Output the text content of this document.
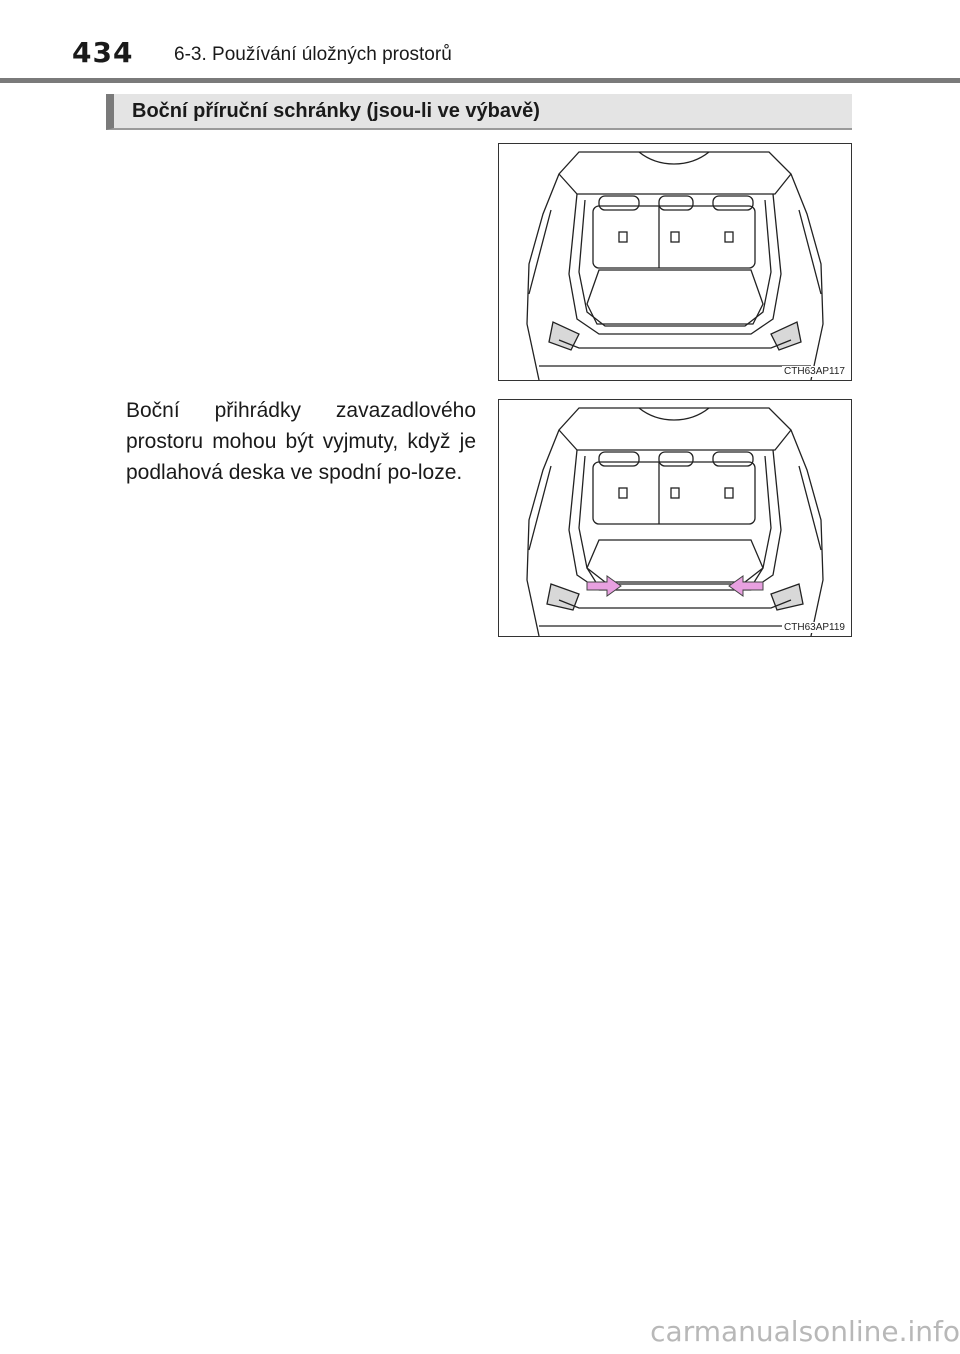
434 6-3. Používání úložných prostorů
Boční příruční schránky (jsou-li ve výbavě)
CTH63AP117
Boční přihrádky zavazadlového prostoru mohou být vyjmuty, když je podlahová deska ve spodní po-loze.
CTH63AP119
carmanualsonline.info
